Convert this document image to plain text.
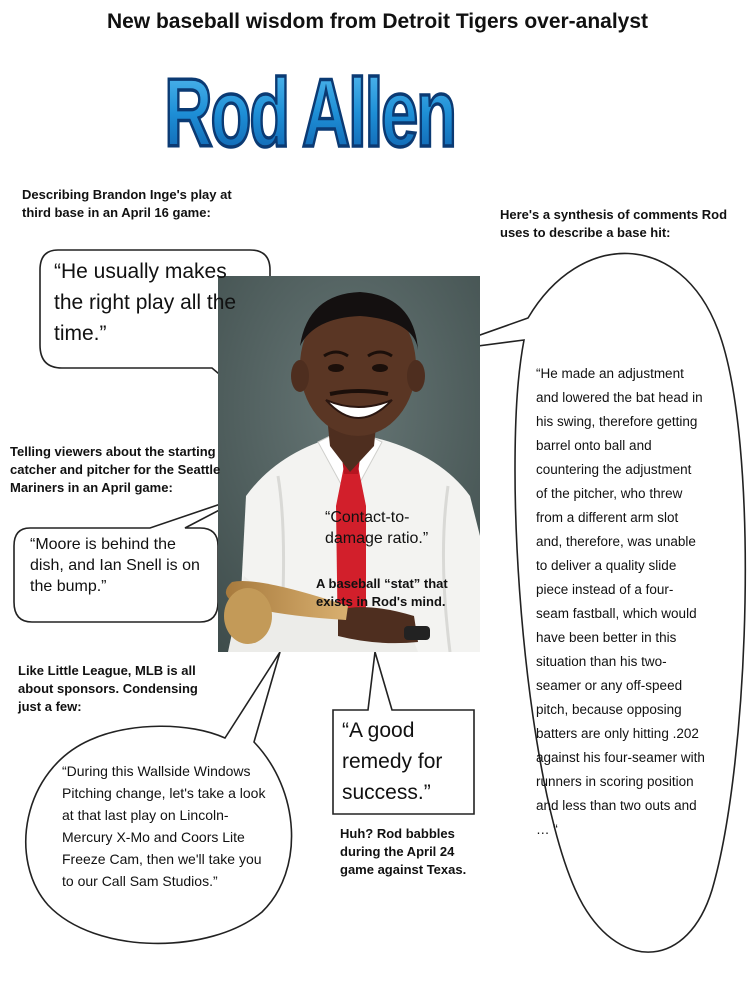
New baseball wisdom from Detroit Tigers over-analyst
Rod Allen
Describing Brandon Inge's play at third base in an April 16 game:	Here's a synthesis of comments Rod uses to describe a base hit:
Telling viewers about the starting catcher and pitcher for the Seattle Mariners in an April game:
A baseball “stat” that exists in Rod's mind.
Like Little League, MLB is all about sponsors. Condensing just a few:
Huh? Rod babbles during the April 24 game against Texas.
“He usually makes the right play all the time.”
“Moore is behind the dish, and Ian Snell is on the bump.”
“Contact-to-damage ratio.”
“A good remedy for success.”
“During this Wallside Windows Pitching change, let's take a look at that last play on Lincoln-Mercury X-Mo and Coors Lite Freeze Cam, then we'll take you to our Call Sam Studios.”
“He made an adjustment and lowered the bat head in his swing, therefore getting barrel onto ball and countering the adjustment of the pitcher, who threw from a different arm slot and, therefore, was unable to deliver a quality slide piece instead of a four-seam fastball, which would have been better in this situation than his two-seamer or any off-speed pitch, because opposing batters are only hitting .202 against his four-seamer with runners in scoring position and less than two outs and … “
